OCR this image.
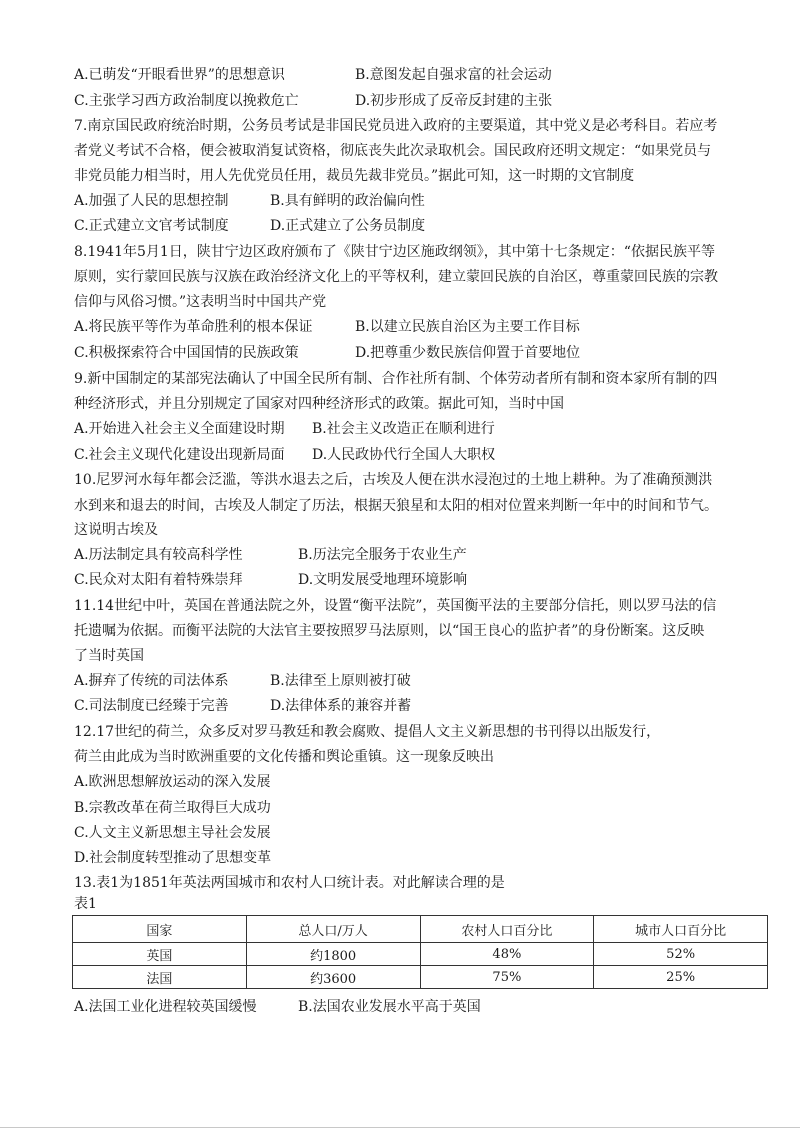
A.已萌发“开眼看世界”的思想意识	B.意图发起自强求富的社会运动
C.主张学习西方政治制度以挽救危亡	D.初步形成了反帝反封建的主张
7.南京国民政府统治时期，公务员考试是非国民党员进入政府的主要渠道，其中党义是必考科目。若应考
者党义考试不合格，便会被取消复试资格，彻底丧失此次录取机会。国民政府还明文规定：“如果党员与
非党员能力相当时，用人先优党员任用，裁员先裁非党员。”据此可知，这一时期的文官制度
A.加强了人民的思想控制	B.具有鲜明的政治偏向性
C.正式建立文官考试制度	D.正式建立了公务员制度
8.1941年5月1日，陕甘宁边区政府颁布了《陕甘宁边区施政纲领》，其中第十七条规定：“依据民族平等
原则，实行蒙回民族与汉族在政治经济文化上的平等权利，建立蒙回民族的自治区，尊重蒙回民族的宗教
信仰与风俗习惯。”这表明当时中国共产党
A.将民族平等作为革命胜利的根本保证	B.以建立民族自治区为主要工作目标
C.积极探索符合中国国情的民族政策	D.把尊重少数民族信仰置于首要地位
9.新中国制定的某部宪法确认了中国全民所有制、合作社所有制、个体劳动者所有制和资本家所有制的四
种经济形式，并且分别规定了国家对四种经济形式的政策。据此可知，当时中国
A.开始进入社会主义全面建设时期 B.社会主义改造正在顺利进行
C.社会主义现代化建设出现新局面 D.人民政协代行全国人大职权
10.尼罗河水每年都会泛滥，等洪水退去之后，古埃及人便在洪水浸泡过的土地上耕种。为了准确预测洪
水到来和退去的时间，古埃及人制定了历法，根据天狼星和太阳的相对位置来判断一年中的时间和节气。
这说明古埃及
A.历法制定具有较高科学性	B.历法完全服务于农业生产
C.民众对太阳有着特殊崇拜	D.文明发展受地理环境影响
11.14世纪中叶，英国在普通法院之外，设置“衡平法院”，英国衡平法的主要部分信托，则以罗马法的信
托遗嘱为依据。而衡平法院的大法官主要按照罗马法原则，以“国王良心的监护者”的身份断案。这反映
了当时英国
A.摒弃了传统的司法体系	B.法律至上原则被打破
C.司法制度已经臻于完善	D.法律体系的兼容并蓄
12.17世纪的荷兰，众多反对罗马教廷和教会腐败、提倡人文主义新思想的书刊得以出版发行，
荷兰由此成为当时欧洲重要的文化传播和舆论重镇。这一现象反映出
A.欧洲思想解放运动的深入发展
B.宗教改革在荷兰取得巨大成功
C.人文主义新思想主导社会发展
D.社会制度转型推动了思想变革
13.表1为1851年英法两国城市和农村人口统计表。对此解读合理的是
表1
国家	总人口/万人	农村人口百分比	城市人口百分比
英国	约1800	48%	52%
法国	约3600	75%	25%
A.法国工业化进程较英国缓慢	B.法国农业发展水平高于英国
